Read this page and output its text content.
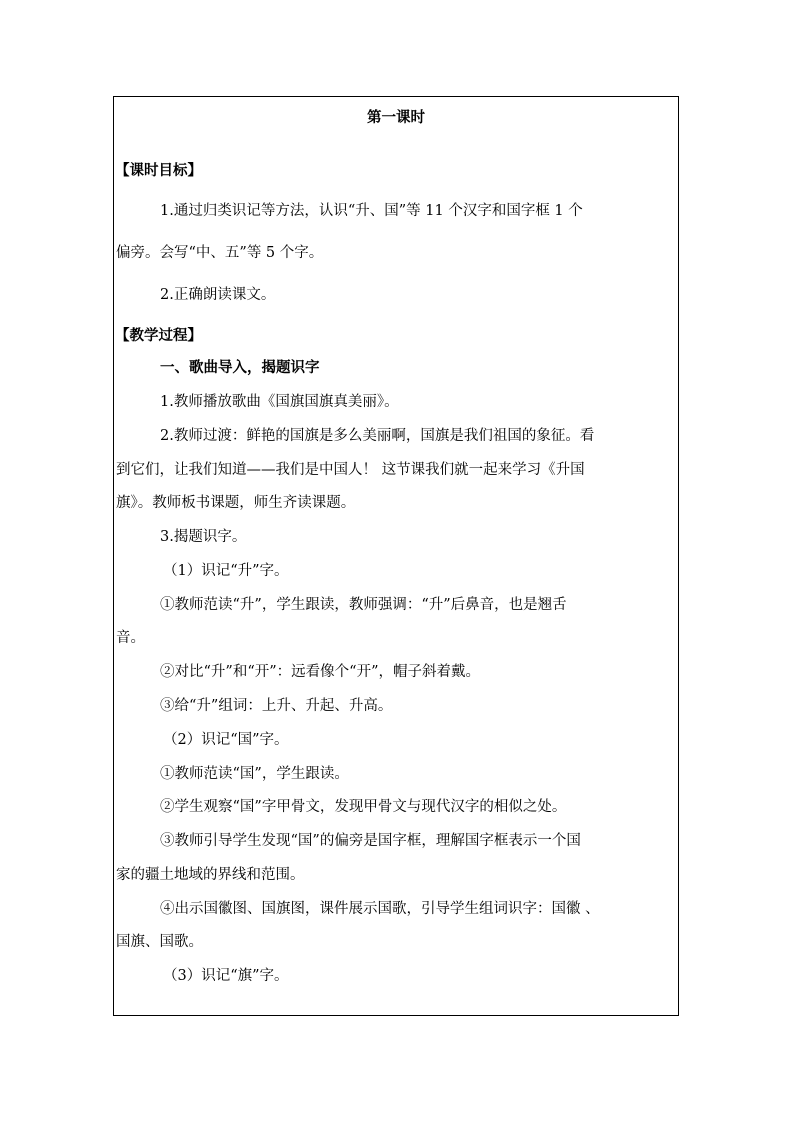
第一课时
【课时目标】
1.通过归类识记等方法，认识“升、国”等 11 个汉字和国字框 1 个
偏旁。会写“中、五”等 5 个字。
2.正确朗读课文。
【教学过程】
一、歌曲导入，揭题识字
1.教师播放歌曲《国旗国旗真美丽》。
2.教师过渡：鲜艳的国旗是多么美丽啊，国旗是我们祖国的象征。看
到它们，让我们知道——我们是中国人！ 这节课我们就一起来学习《升国
旗》。教师板书课题，师生齐读课题。
3.揭题识字。
（1）识记“升”字。
①教师范读“升”，学生跟读，教师强调：“升”后鼻音，也是翘舌
音。
②对比“升”和“开”：远看像个“开”，帽子斜着戴。
③给“升”组词：上升、升起、升高。
（2）识记“国”字。
①教师范读“国”，学生跟读。
②学生观察“国”字甲骨文，发现甲骨文与现代汉字的相似之处。
③教师引导学生发现“国”的偏旁是国字框，理解国字框表示一个国
家的疆土地域的界线和范围。
④出示国徽图、国旗图，课件展示国歌，引导学生组词识字：国徽 、
国旗、国歌。
（3）识记“旗”字。
